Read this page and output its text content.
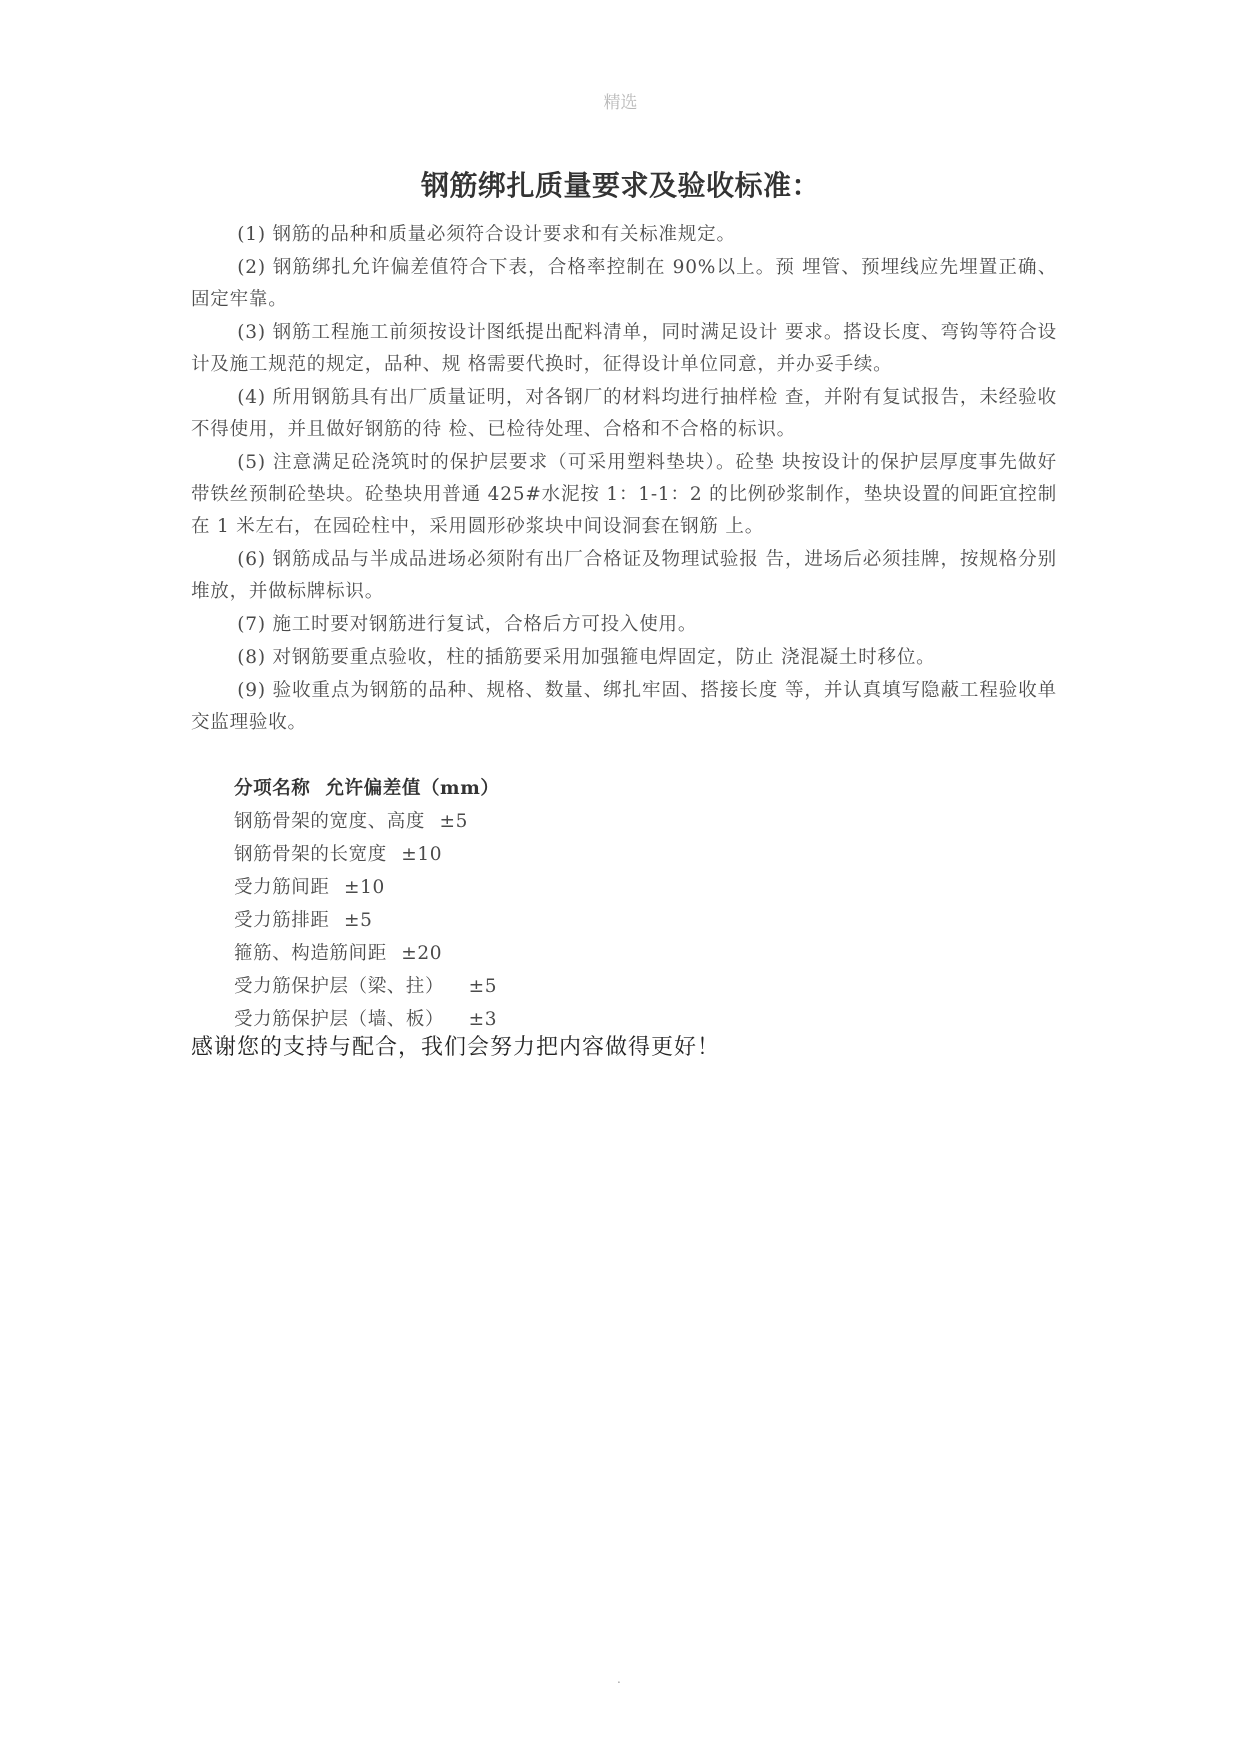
精选
钢筋绑扎质量要求及验收标准：

(1) 钢筋的品种和质量必须符合设计要求和有关标准规定。

(2) 钢筋绑扎允许偏差值符合下表，合格率控制在 90%以上。预 埋管、预埋线应先埋置正确、固定牢靠。

(3) 钢筋工程施工前须按设计图纸提出配料清单，同时满足设计 要求。搭设长度、弯钩等符合设计及施工规范的规定，品种、规 格需要代换时，征得设计单位同意，并办妥手续。

(4) 所用钢筋具有出厂质量证明，对各钢厂的材料均进行抽样检 查，并附有复试报告，未经验收不得使用，并且做好钢筋的待 检、已检待处理、合格和不合格的标识。

(5) 注意满足砼浇筑时的保护层要求（可采用塑料垫块）。砼垫 块按设计的保护层厚度事先做好带铁丝预制砼垫块。砼垫块用普通 425#水泥按 1：1-1：2 的比例砂浆制作，垫块设置的间距宜控制 在 1 米左右，在园砼柱中，采用圆形砂浆块中间设洞套在钢筋 上。

(6) 钢筋成品与半成品进场必须附有出厂合格证及物理试验报 告，进场后必须挂牌，按规格分别堆放，并做标牌标识。

(7) 施工时要对钢筋进行复试，合格后方可投入使用。

(8) 对钢筋要重点验收，柱的插筋要采用加强箍电焊固定，防止 浇混凝土时移位。

(9) 验收重点为钢筋的品种、规格、数量、绑扎牢固、搭接长度 等，并认真填写隐蔽工程验收单交监理验收。

分项名称 允许偏差值（mm）
钢筋骨架的宽度、高度 ±5
钢筋骨架的长宽度 ±10
受力筋间距 ±10
受力筋排距 ±5
箍筋、构造筋间距 ±20
受力筋保护层（梁、拄） ±5
受力筋保护层（墙、板） ±3
感谢您的支持与配合，我们会努力把内容做得更好！
.
